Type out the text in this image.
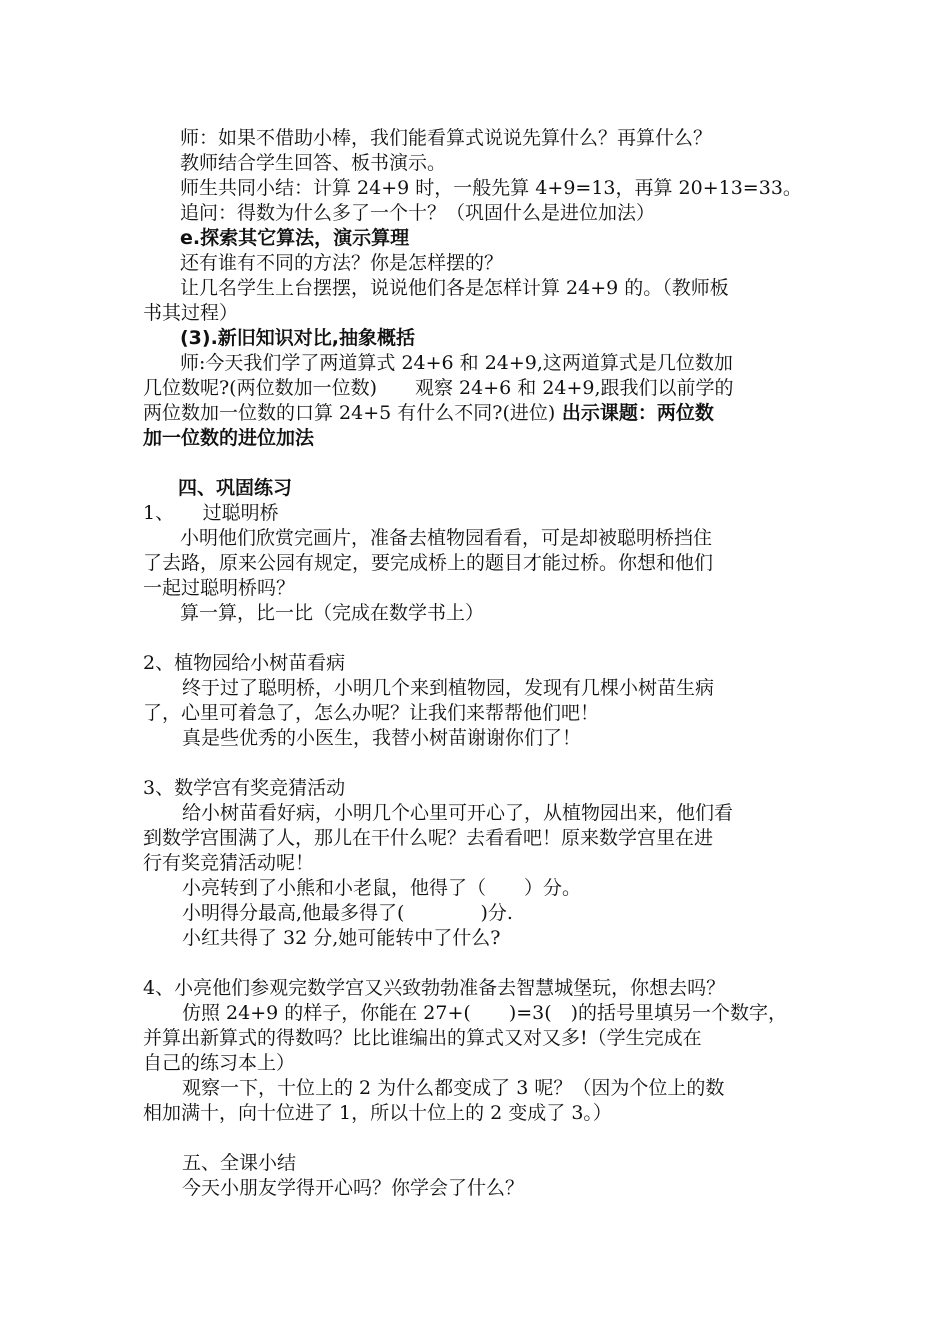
师：如果不借助小棒，我们能看算式说说先算什么？再算什么？
教师结合学生回答、板书演示。
师生共同小结：计算 24+9 时，一般先算 4+9=13，再算 20+13=33。
追问：得数为什么多了一个十？（巩固什么是进位加法）
e.探索其它算法，演示算理
还有谁有不同的方法？你是怎样摆的？
让几名学生上台摆摆，说说他们各是怎样计算 24+9 的。（教师板
书其过程）
(3).新旧知识对比,抽象概括
师:今天我们学了两道算式 24+6 和 24+9,这两道算式是几位数加
几位数呢?(两位数加一位数)　　观察 24+6 和 24+9,跟我们以前学的
两位数加一位数的口算 24+5 有什么不同?(进位) 出示课题：两位数
加一位数的进位加法
四、巩固练习
1、　　过聪明桥
小明他们欣赏完画片，准备去植物园看看，可是却被聪明桥挡住
了去路，原来公园有规定，要完成桥上的题目才能过桥。你想和他们
一起过聪明桥吗？
算一算，比一比（完成在数学书上）
2、植物园给小树苗看病
终于过了聪明桥，小明几个来到植物园，发现有几棵小树苗生病
了，心里可着急了，怎么办呢？让我们来帮帮他们吧！
真是些优秀的小医生，我替小树苗谢谢你们了！
3、数学宫有奖竞猜活动
给小树苗看好病，小明几个心里可开心了，从植物园出来，他们看
到数学宫围满了人，那儿在干什么呢？去看看吧！原来数学宫里在进
行有奖竞猜活动呢！
小亮转到了小熊和小老鼠，他得了（　　）分。
小明得分最高,他最多得了(　　　　)分.
小红共得了 32 分,她可能转中了什么?
4、小亮他们参观完数学宫又兴致勃勃准备去智慧城堡玩，你想去吗？
仿照 24+9 的样子，你能在 27+(　　)=3(　)的括号里填另一个数字，
并算出新算式的得数吗？比比谁编出的算式又对又多!（学生完成在
自己的练习本上）
观察一下，十位上的 2 为什么都变成了 3 呢？（因为个位上的数
相加满十，向十位进了 1，所以十位上的 2 变成了 3。）
五、全课小结
今天小朋友学得开心吗？你学会了什么？
